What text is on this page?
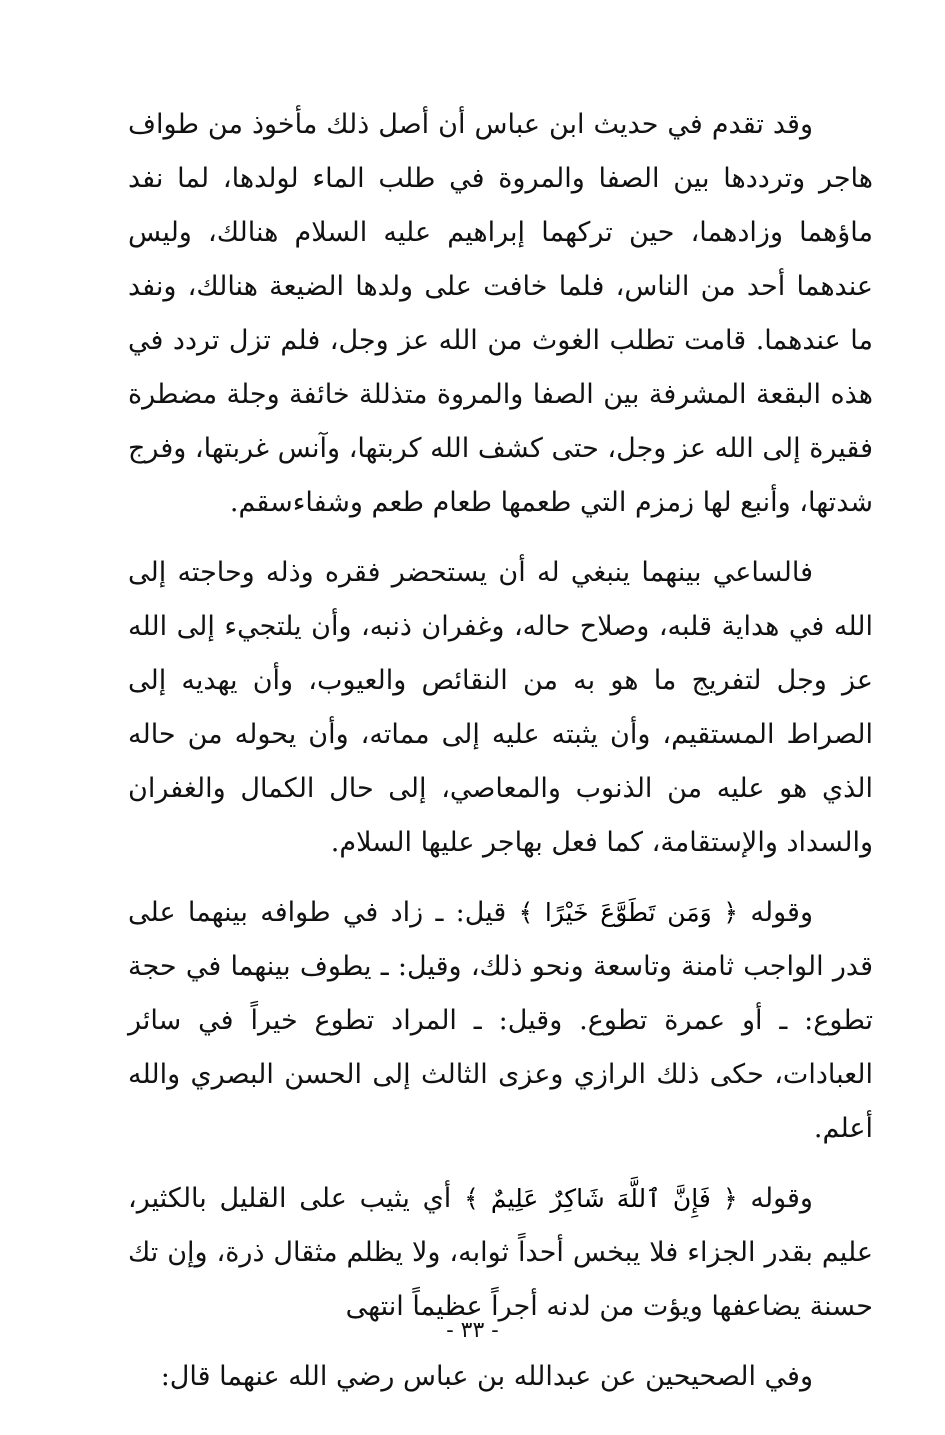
وقد تقدم في حديث ابن عباس أن أصل ذلك مأخوذ من طواف هاجر وترددها بين الصفا والمروة في طلب الماء لولدها، لما نفد ماؤهما وزادهما، حين تركهما إبراهيم عليه السلام هنالك، وليس عندهما أحد من الناس، فلما خافت على ولدها الضيعة هنالك، ونفد ما عندهما. قامت تطلب الغوث من الله عز وجل، فلم تزل تردد في هذه البقعة المشرفة بين الصفا والمروة متذللة خائفة وجلة مضطرة فقيرة إلى الله عز وجل، حتى كشف الله كربتها، وآنس غربتها، وفرج شدتها، وأنبع لها زمزم التي طعمها طعام طعم وشفاءسقم.

فالساعي بينهما ينبغي له أن يستحضر فقره وذله وحاجته إلى الله في هداية قلبه، وصلاح حاله، وغفران ذنبه، وأن يلتجيء إلى الله عز وجل لتفريج ما هو به من النقائص والعيوب، وأن يهديه إلى الصراط المستقيم، وأن يثبته عليه إلى مماته، وأن يحوله من حاله الذي هو عليه من الذنوب والمعاصي، إلى حال الكمال والغفران والسداد والإستقامة، كما فعل بهاجر عليها السلام.

وقوله ﴿ وَمَن تَطَوَّعَ خَيْرًا ﴾ قيل: ـ زاد في طوافه بينهما على قدر الواجب ثامنة وتاسعة ونحو ذلك، وقيل: ـ يطوف بينهما في حجة تطوع: ـ أو عمرة تطوع. وقيل: ـ المراد تطوع خيراً في سائر العبادات، حكى ذلك الرازي وعزى الثالث إلى الحسن البصري والله أعلم.

وقوله ﴿ فَإِنَّ ٱللَّهَ شَاكِرٌ عَلِيمٌ ﴾ أي يثيب على القليل بالكثير، عليم بقدر الجزاء فلا يبخس أحداً ثوابه، ولا يظلم مثقال ذرة، وإن تك حسنة يضاعفها ويؤت من لدنه أجراً عظيماً انتهى

وفي الصحيحين عن عبدالله بن عباس رضي الله عنهما قال:

- ٣٣ -
